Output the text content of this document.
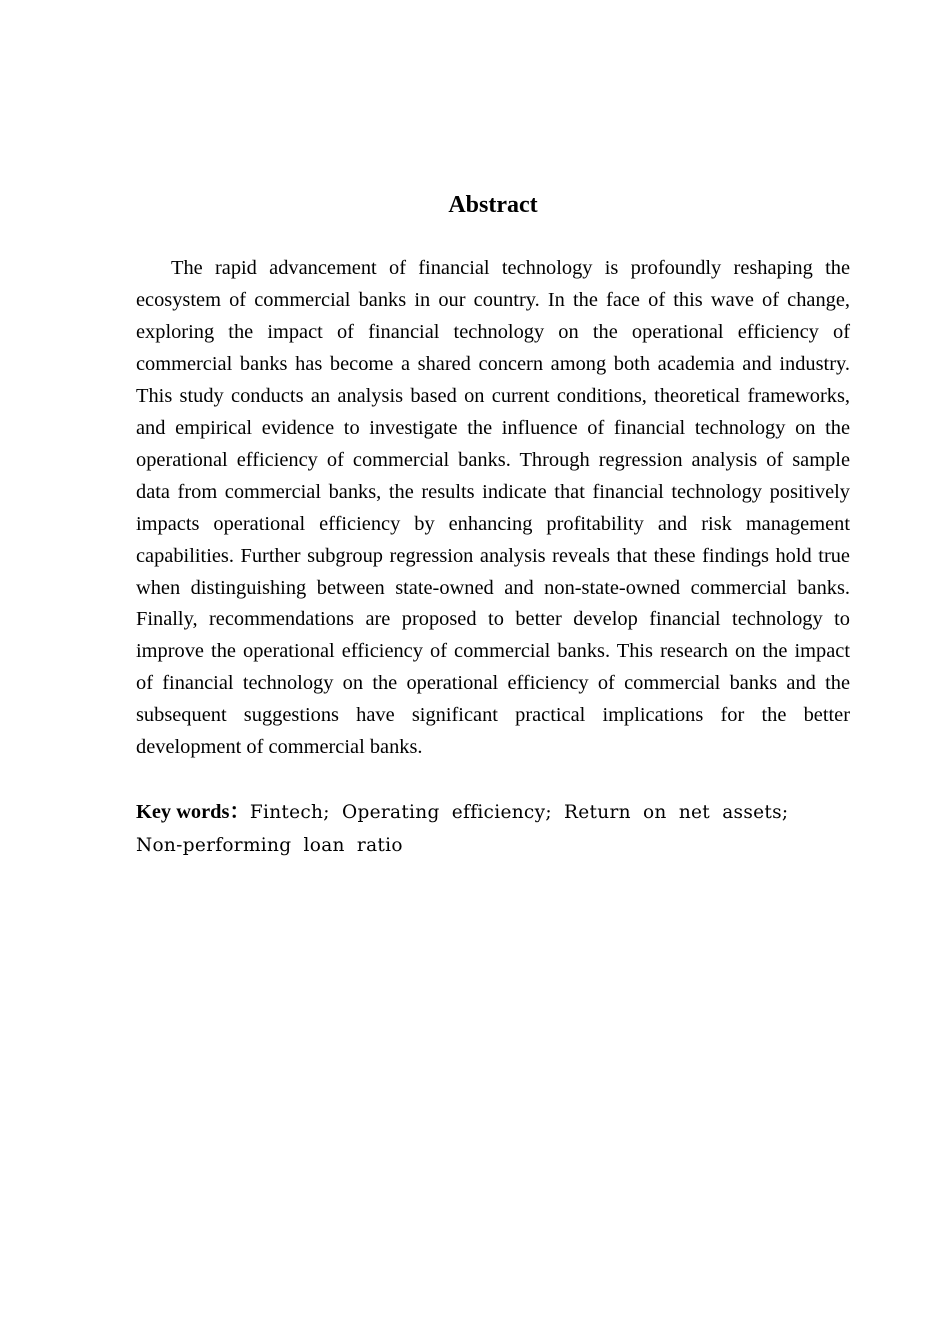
Abstract

The rapid advancement of financial technology is profoundly reshaping the ecosystem of commercial banks in our country. In the face of this wave of change, exploring the impact of financial technology on the operational efficiency of commercial banks has become a shared concern among both academia and industry. This study conducts an analysis based on current conditions, theoretical frameworks, and empirical evidence to investigate the influence of financial technology on the operational efficiency of commercial banks. Through regression analysis of sample data from commercial banks, the results indicate that financial technology positively impacts operational efficiency by enhancing profitability and risk management capabilities. Further subgroup regression analysis reveals that these findings hold true when distinguishing between state-owned and non-state-owned commercial banks. Finally, recommendations are proposed to better develop financial technology to improve the operational efficiency of commercial banks. This research on the impact of financial technology on the operational efficiency of commercial banks and the subsequent suggestions have significant practical implications for the better development of commercial banks.

Key words：Fintech; Operating efficiency; Return on net assets; Non-performing loan ratio
